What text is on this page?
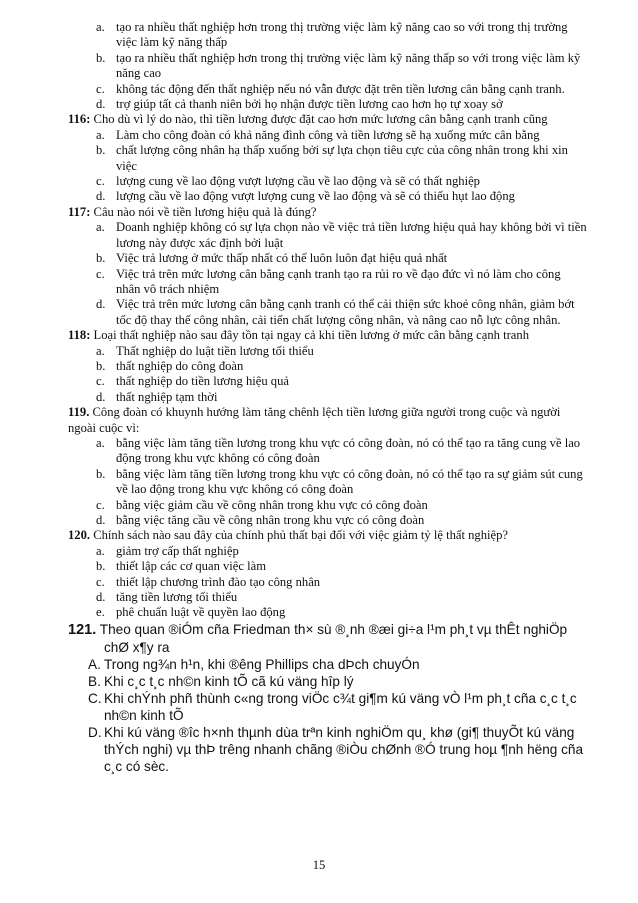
a. tạo ra nhiều thất nghiệp hơn trong thị trường việc làm kỹ năng cao so với trong thị trường việc làm kỹ năng thấp
b. tạo ra nhiều thất nghiệp hơn trong thị trường việc làm kỹ năng thấp so với trong việc làm kỹ năng cao
c. không tác động đến thất nghiệp nếu nó vẫn được đặt trên tiền lương cân bằng cạnh tranh.
d. trợ giúp tất cả thanh niên bởi họ nhận được tiền lương cao hơn họ tự xoay sở

116: Cho dù vì lý do nào, thì tiền lương được đặt cao hơn mức lương cân bằng cạnh tranh cũng

a. Làm cho công đoàn có khả năng đình công và tiền lương sẽ hạ xuống mức cân bằng
b. chất lượng công nhân hạ thấp xuống bởi sự lựa chọn tiêu cực của công nhân trong khi xin việc
c. lượng cung về lao động vượt lượng cầu về lao động và sẽ có thất nghiệp
d. lượng cầu về lao động vượt lượng cung về lao động và sẽ có thiếu hụt lao động

117: Câu nào nói về tiền lương hiệu quả là đúng?

a. Doanh nghiệp không có sự lựa chọn nào về việc trả tiền lương hiệu quả hay không bởi vì tiền lương này được xác định bởi luật
b. Việc trả lương ở mức thấp nhất có thể luôn luôn đạt hiệu quả nhất
c. Việc trả trên mức lương cân bằng cạnh tranh tạo ra rủi ro về đạo đức vì nó làm cho công nhân vô trách nhiệm
d. Việc trả trên mức lương cân bằng cạnh tranh có thể cải thiện sức khoẻ công nhân, giảm bớt tốc độ thay thế công nhân, cải tiến chất lượng công nhân, và nâng cao nỗ lực công nhân.

118: Loại thất nghiệp nào sau đây tồn tại ngay cả khi tiền lương ở mức cân bằng cạnh tranh

a. Thất nghiệp do luật tiền lương tối thiểu
b. thất nghiệp do công đoàn
c. thất nghiệp do tiền lương hiệu quả
d. thất nghiệp tạm thời

119. Công đoàn có khuynh hướng làm tăng chênh lệch tiền lương giữa người trong cuộc và người ngoài cuộc vì:

a. bằng việc làm tăng tiền lương trong khu vực có công đoàn, nó có thể tạo ra tăng cung về lao động trong khu vực không có công đoàn
b. bằng việc làm tăng tiền lương trong khu vực có công đoàn, nó có thể tạo ra sự giảm sút cung về lao động trong khu vực không có công đoàn
c. bằng việc giảm cầu về công nhân trong khu vực có công đoàn
d. bằng việc tăng cầu về công nhân trong khu vực có công đoàn

120. Chính sách nào sau đây của chính phủ thất bại đối với việc giảm tỷ lệ thất nghiệp?

a. giảm trợ cấp thất nghiệp
b. thiết lập các cơ quan việc làm
c. thiết lập chương trình đào tạo công nhân
d. tăng tiền lương tối thiểu
e. phê chuẩn luật về quyền lao động

121. Theo quan ®iÓm cña Friedman th× sù ®¸nh ®æi gi÷a l¹m ph¸t vµ thÊt nghiÖp chØ x¶y ra

A. Trong ng¾n h¹n, khi ®êng Phillips cha dÞch chuyÓn
B. Khi c¸c t¸c nh©n kinh tÕ cã kú väng hîp lý
C. Khi chÝnh phñ thùnh c«ng trong viÖc c¾t gi¶m kú väng vÒ l¹m ph¸t cña c¸c t¸c nh©n kinh tÕ
D. Khi kú väng ®îc h×nh thµnh dùa trªn kinh nghiÖm qu¸ khø (gi¶ thuyÕt kú väng thÝch nghi) vµ thÞ trêng nhanh chãng ®iÒu chØnh ®Ó trung hoµ ¶nh hëng cña c¸c có sèc.
15
